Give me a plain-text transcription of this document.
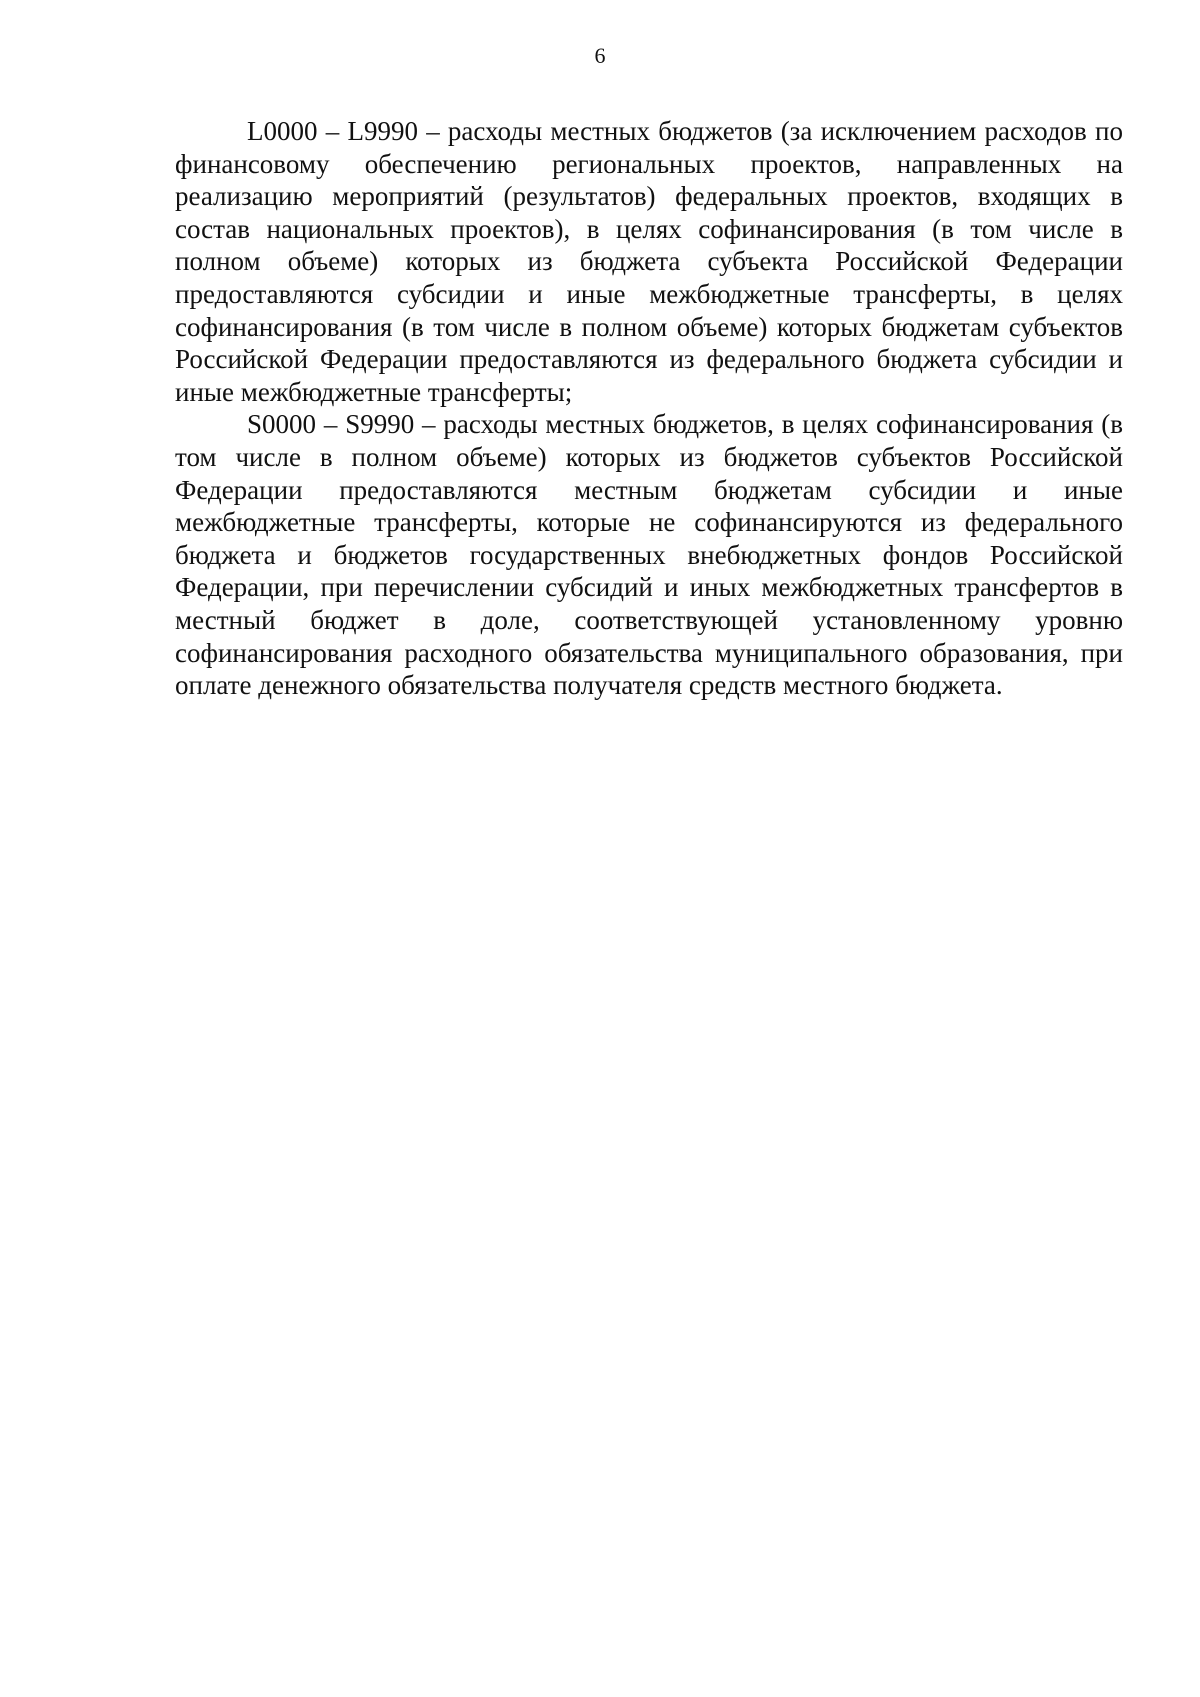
6

L0000 – L9990 – расходы местных бюджетов (за исключением расходов по финансовому обеспечению региональных проектов, направленных на реализацию мероприятий (результатов) федеральных проектов, входящих в состав национальных проектов), в целях софинансирования (в том числе в полном объеме) которых из бюджета субъекта Российской Федерации предоставляются субсидии и иные межбюджетные трансферты, в целях софинансирования (в том числе в полном объеме) которых бюджетам субъектов Российской Федерации предоставляются из федерального бюджета субсидии и иные межбюджетные трансферты;

S0000 – S9990 – расходы местных бюджетов, в целях софинансирования (в том числе в полном объеме) которых из бюджетов субъектов Российской Федерации предоставляются местным бюджетам субсидии и иные межбюджетные трансферты, которые не софинансируются из федерального бюджета и бюджетов государственных внебюджетных фондов Российской Федерации, при перечислении субсидий и иных межбюджетных трансфертов в местный бюджет в доле, соответствующей установленному уровню софинансирования расходного обязательства муниципального образования, при оплате денежного обязательства получателя средств местного бюджета.
